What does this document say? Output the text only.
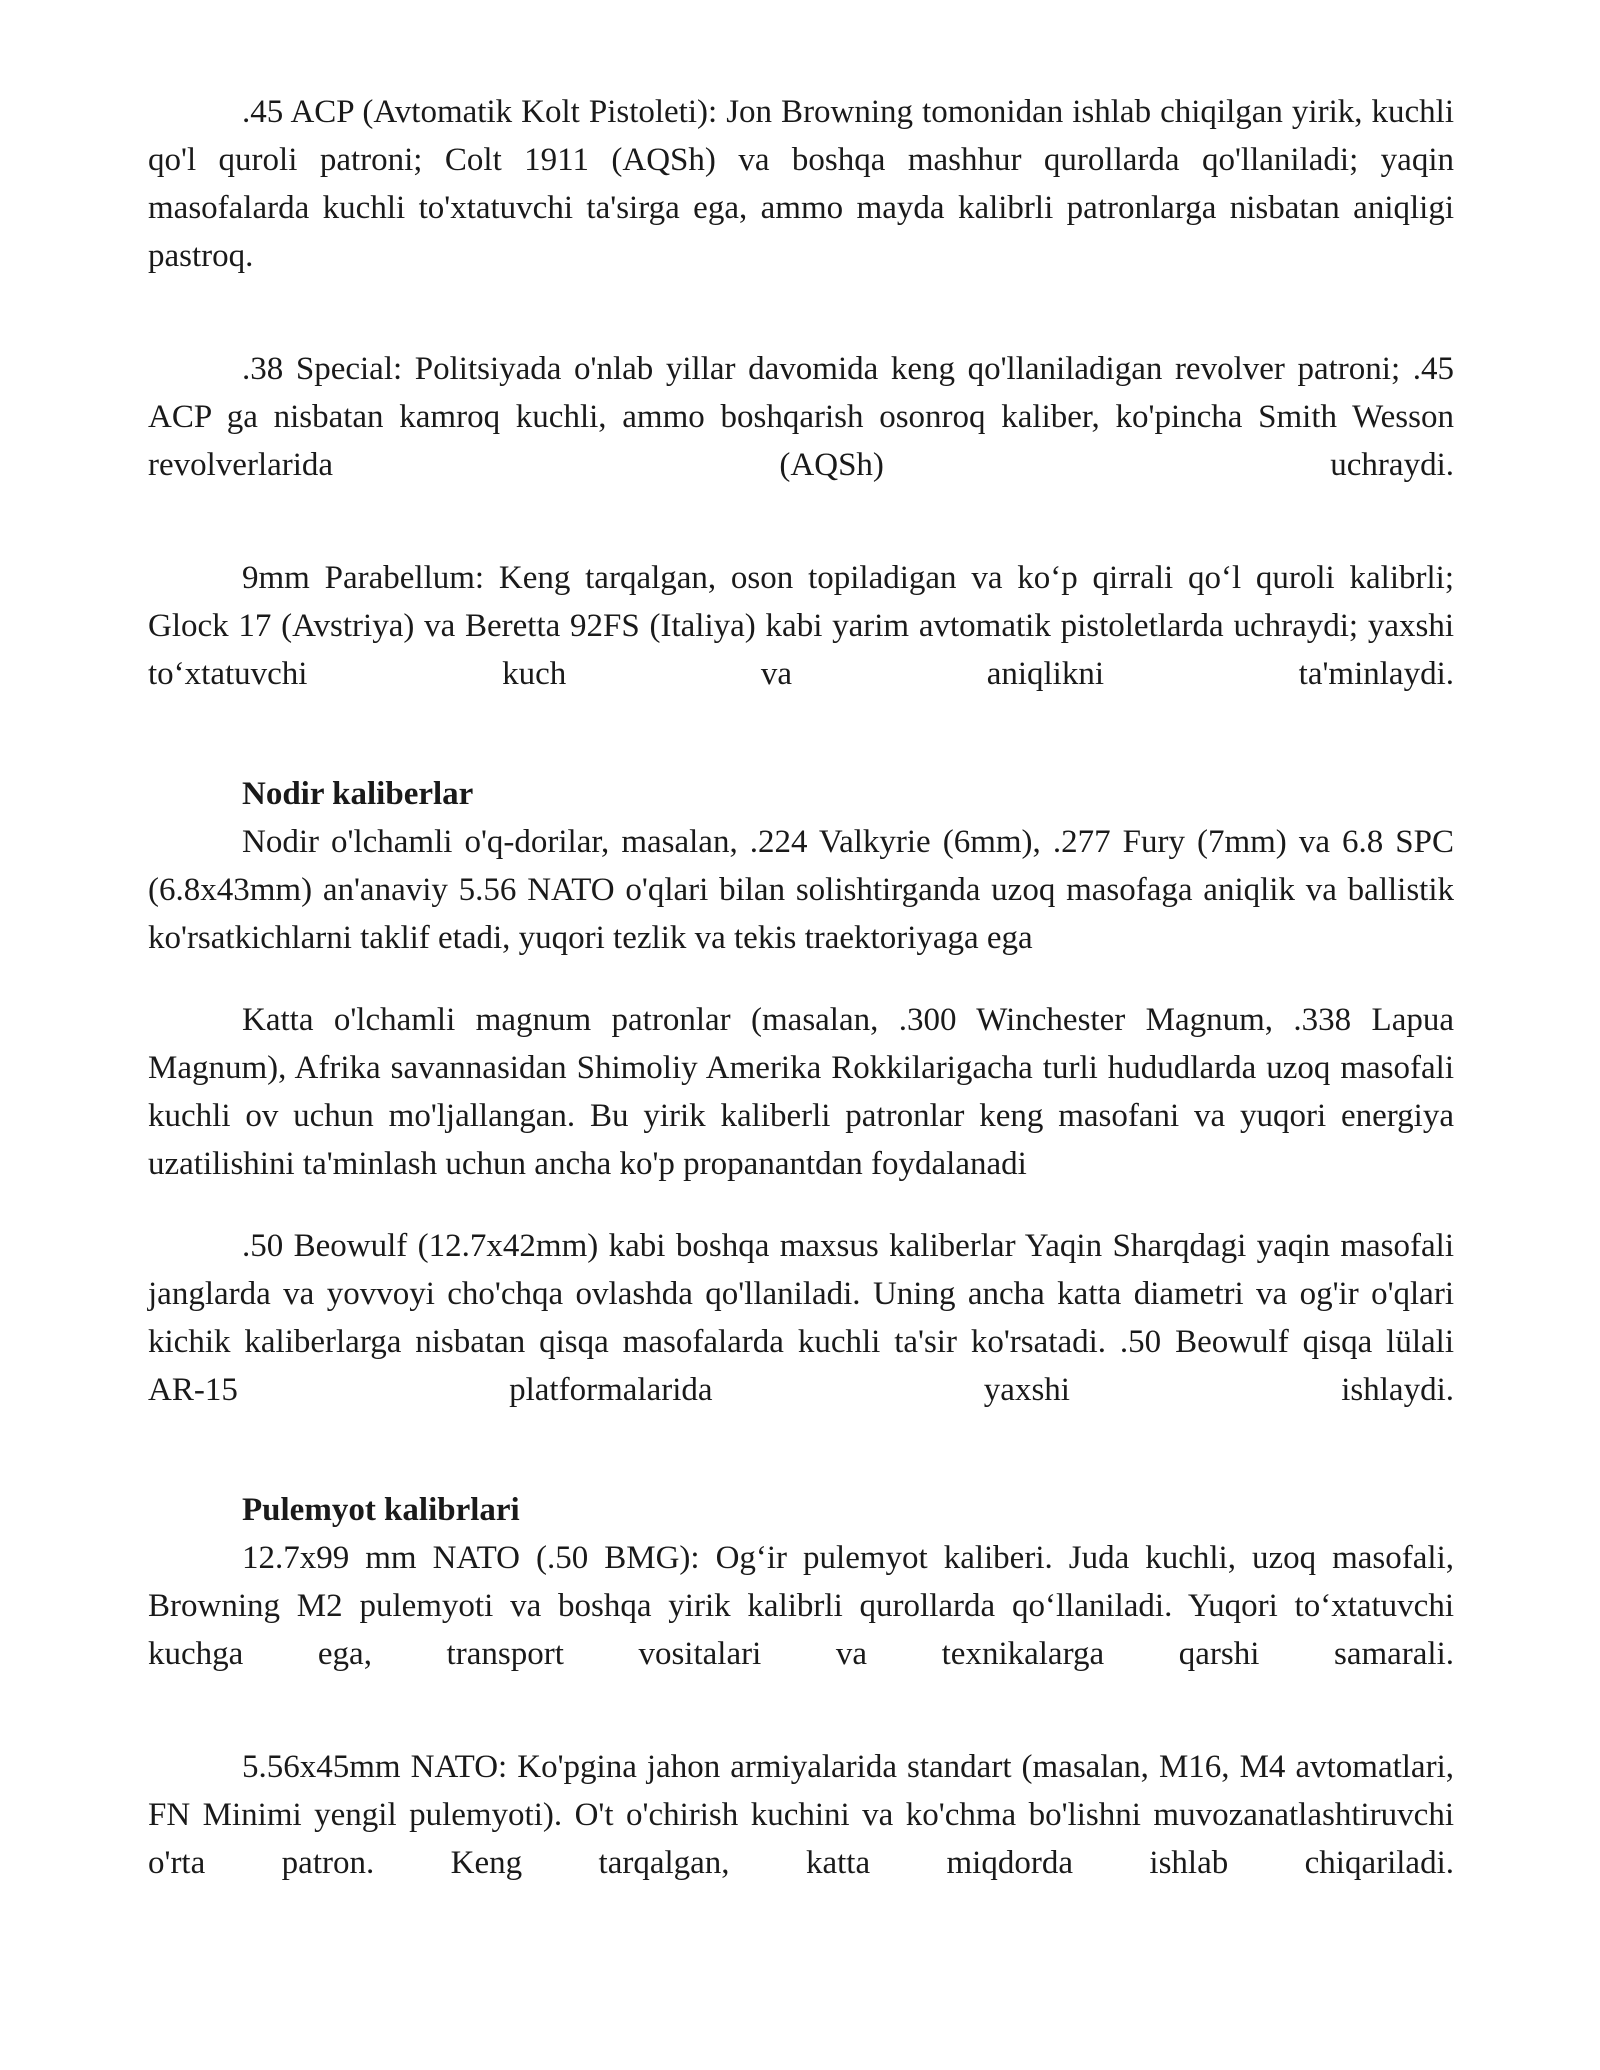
.45 ACP (Avtomatik Kolt Pistoleti): Jon Browning tomonidan ishlab chiqilgan yirik, kuchli qo'l quroli patroni; Colt 1911 (AQSh) va boshqa mashhur qurollarda qo'llaniladi; yaqin masofalarda kuchli to'xtatuvchi ta'sirga ega, ammo mayda kalibrli patronlarga nisbatan aniqligi pastroq.

.38 Special: Politsiyada o'nlab yillar davomida keng qo'llaniladigan revolver patroni; .45 ACP ga nisbatan kamroq kuchli, ammo boshqarish osonroq kaliber, ko'pincha Smith Wesson revolverlarida (AQSh) uchraydi.

9mm Parabellum: Keng tarqalgan, oson topiladigan va ko‘p qirrali qo‘l quroli kalibrli; Glock 17 (Avstriya) va Beretta 92FS (Italiya) kabi yarim avtomatik pistoletlarda uchraydi; yaxshi to‘xtatuvchi kuch va aniqlikni ta'minlaydi.

Nodir kaliberlar

Nodir o'lchamli o'q-dorilar, masalan, .224 Valkyrie (6mm), .277 Fury (7mm) va 6.8 SPC (6.8x43mm) an'anaviy 5.56 NATO o'qlari bilan solishtirganda uzoq masofaga aniqlik va ballistik ko'rsatkichlarni taklif etadi, yuqori tezlik va tekis traektoriyaga ega

Katta o'lchamli magnum patronlar (masalan, .300 Winchester Magnum, .338 Lapua Magnum), Afrika savannasidan Shimoliy Amerika Rokkilarigacha turli hududlarda uzoq masofali kuchli ov uchun mo'ljallangan. Bu yirik kaliberli patronlar keng masofani va yuqori energiya uzatilishini ta'minlash uchun ancha ko'p propanantdan foydalanadi

.50 Beowulf (12.7x42mm) kabi boshqa maxsus kaliberlar Yaqin Sharqdagi yaqin masofali janglarda va yovvoyi cho'chqa ovlashda qo'llaniladi. Uning ancha katta diametri va og'ir o'qlari kichik kaliberlarga nisbatan qisqa masofalarda kuchli ta'sir ko'rsatadi. .50 Beowulf qisqa lülali AR-15 platformalarida yaxshi ishlaydi.

Pulemyot kalibrlari

12.7x99 mm NATO (.50 BMG): Og‘ir pulemyot kaliberi. Juda kuchli, uzoq masofali, Browning M2 pulemyoti va boshqa yirik kalibrli qurollarda qo‘llaniladi. Yuqori to‘xtatuvchi kuchga ega, transport vositalari va texnikalarga qarshi samarali.

5.56x45mm NATO: Ko'pgina jahon armiyalarida standart (masalan, M16, M4 avtomatlari, FN Minimi yengil pulemyoti). O't o'chirish kuchini va ko'chma bo'lishni muvozanatlashtiruvchi o'rta patron. Keng tarqalgan, katta miqdorda ishlab chiqariladi.
